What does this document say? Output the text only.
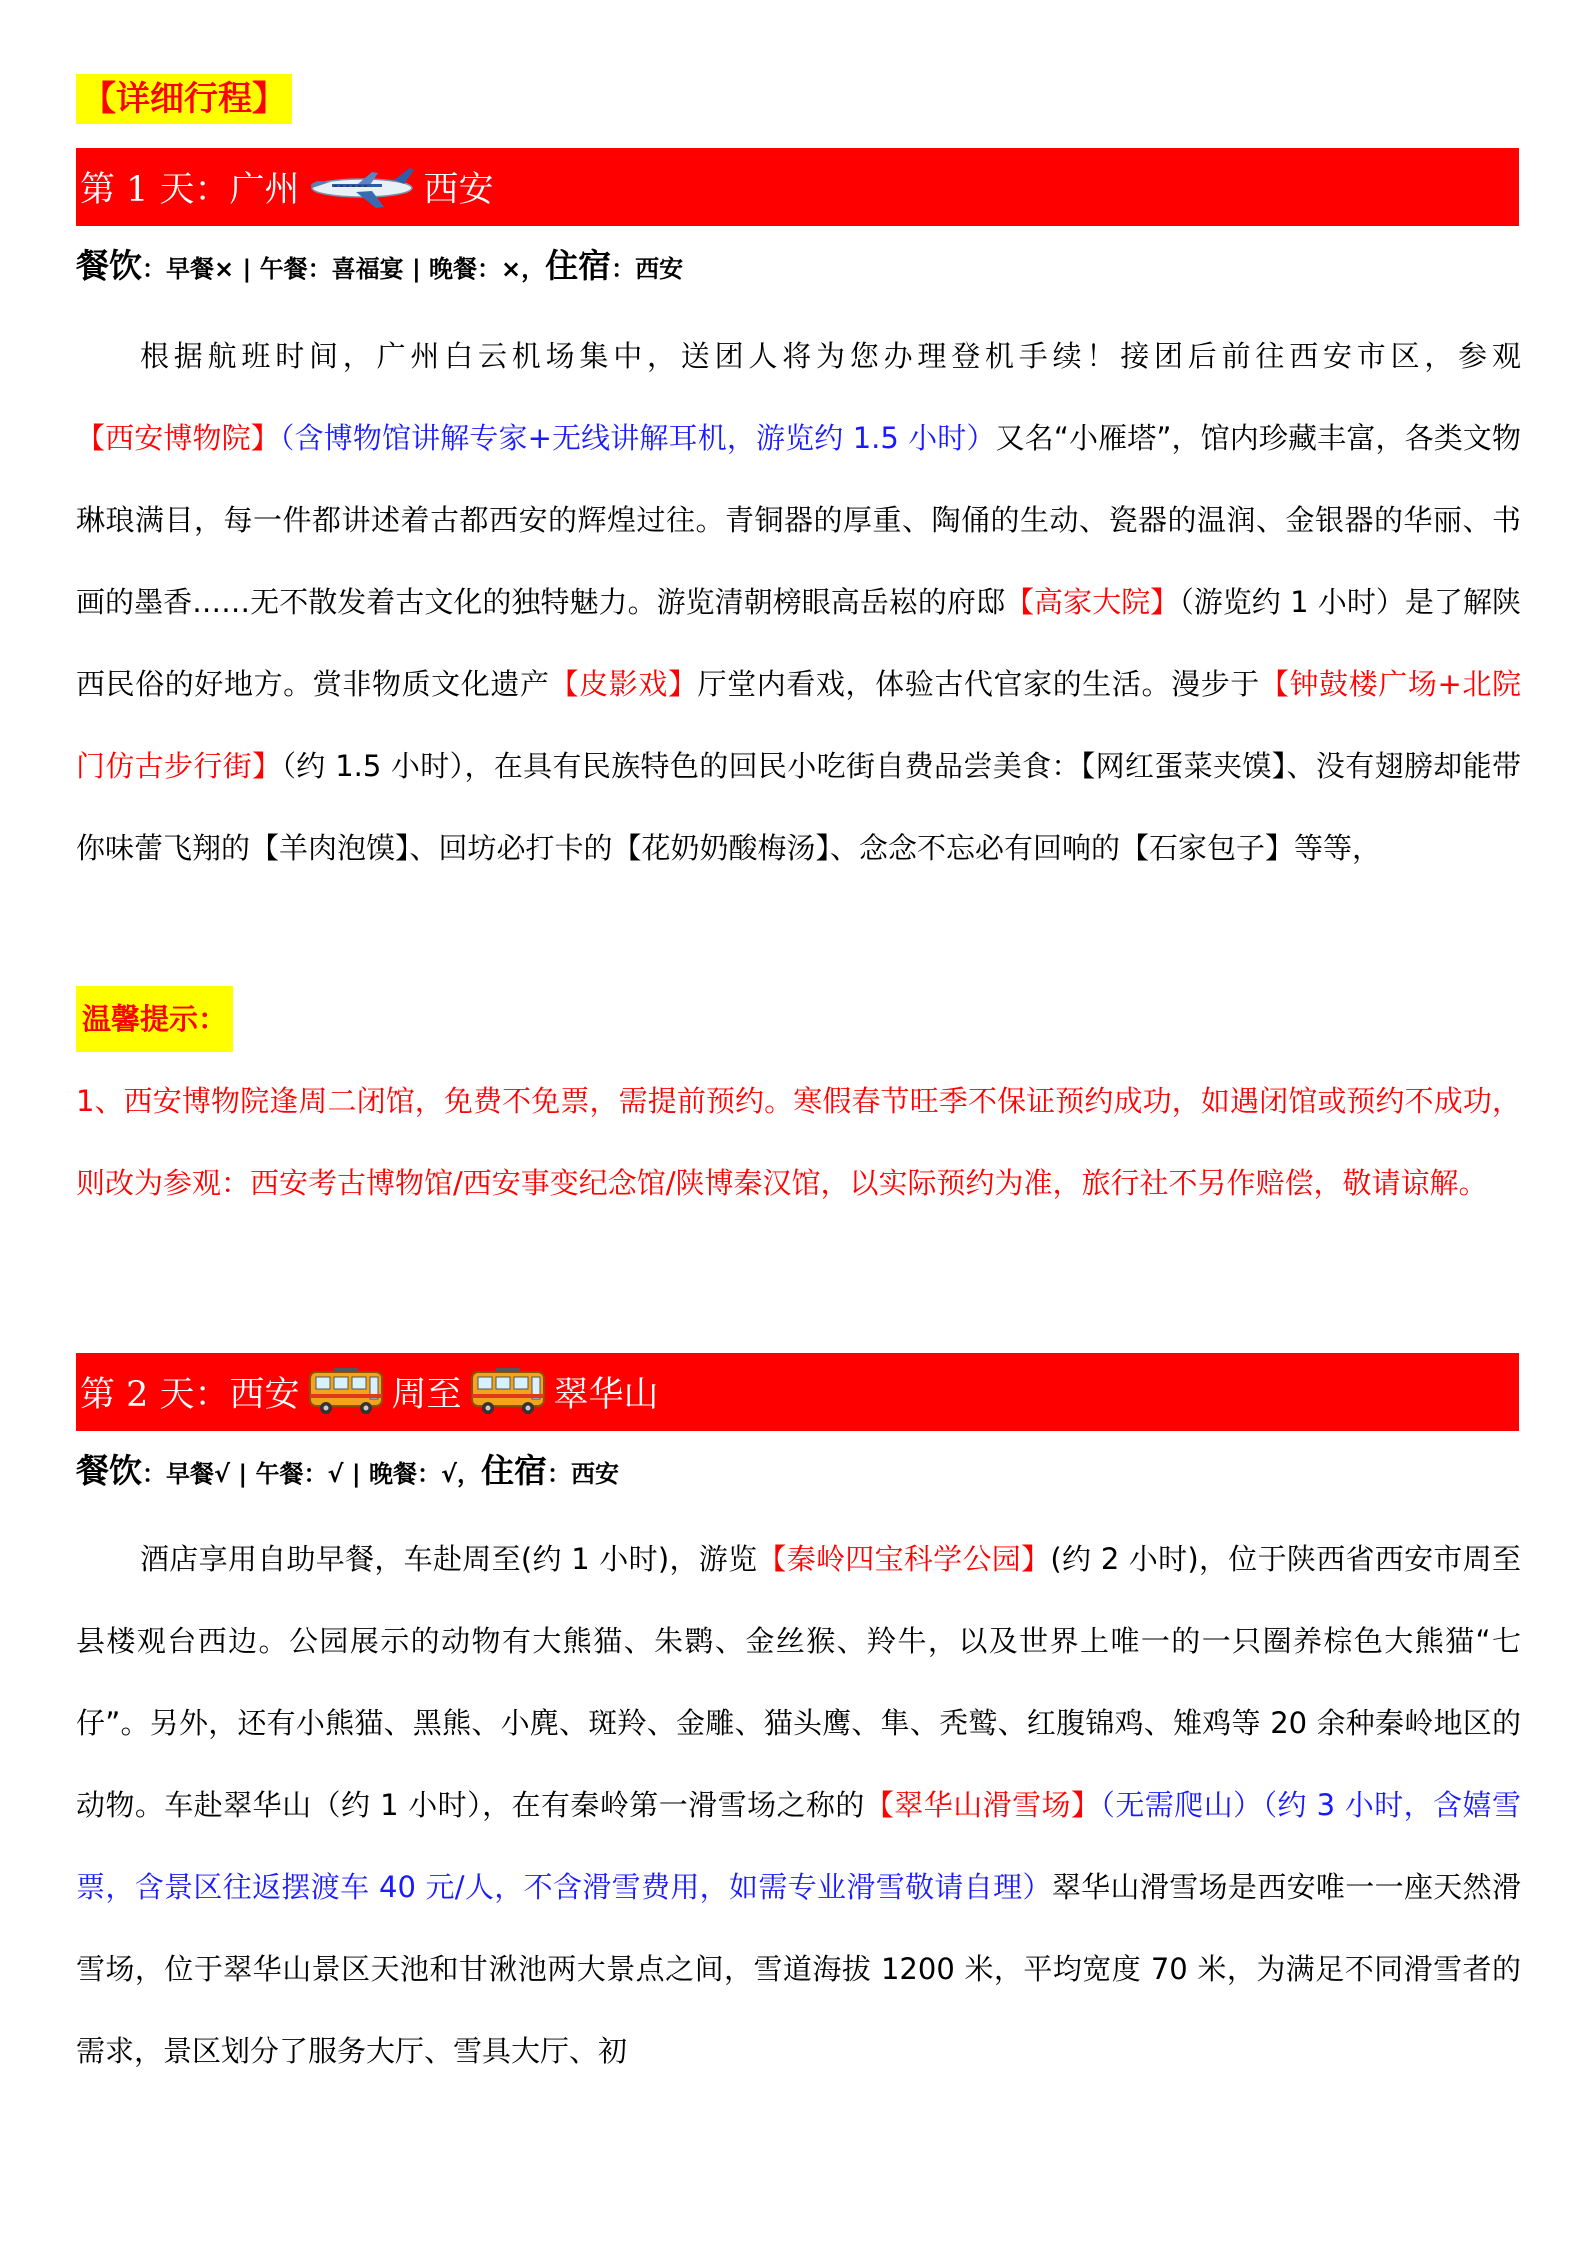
【详细行程】
第 1 天：广州	西安
餐饮：早餐× | 午餐：喜福宴 | 晚餐：×，住宿：西安
根据航班时间，广州白云机场集中，送团人将为您办理登机手续！接团后前往西安市区，参观【西安博物院】（含博物馆讲解专家+无线讲解耳机，游览约 1.5 小时）又名“小雁塔”，馆内珍藏丰富，各类文物琳琅满目，每一件都讲述着古都西安的辉煌过往。青铜器的厚重、陶俑的生动、瓷器的温润、金银器的华丽、书画的墨香……无不散发着古文化的独特魅力。游览清朝榜眼高岳崧的府邸【高家大院】（游览约 1 小时）是了解陕西民俗的好地方。赏非物质文化遗产【皮影戏】厅堂内看戏，体验古代官家的生活。漫步于【钟鼓楼广场+北院门仿古步行街】（约 1.5 小时），在具有民族特色的回民小吃街自费品尝美食：【网红蛋菜夹馍】、没有翅膀却能带你味蕾飞翔的【羊肉泡馍】、回坊必打卡的【花奶奶酸梅汤】、念念不忘必有回响的【石家包子】等等，
温馨提示：
1、西安博物院逢周二闭馆，免费不免票，需提前预约。寒假春节旺季不保证预约成功，如遇闭馆或预约不成功，则改为参观：西安考古博物馆/西安事变纪念馆/陕博秦汉馆，以实际预约为准，旅行社不另作赔偿，敬请谅解。
第 2 天：西安	周至	翠华山
餐饮：早餐√ | 午餐：√ | 晚餐：√，住宿：西安
酒店享用自助早餐，车赴周至(约 1 小时)，游览【秦岭四宝科学公园】(约 2 小时)，位于陕西省西安市周至县楼观台西边。公园展示的动物有大熊猫、朱鹮、金丝猴、羚牛，以及世界上唯一的一只圈养棕色大熊猫“七仔”。另外，还有小熊猫、黑熊、小麂、斑羚、金雕、猫头鹰、隼、秃鹫、红腹锦鸡、雉鸡等 20 余种秦岭地区的动物。车赴翠华山（约 1 小时），在有秦岭第一滑雪场之称的【翠华山滑雪场】（无需爬山）（约 3 小时，含嬉雪票，含景区往返摆渡车 40 元/人，不含滑雪费用，如需专业滑雪敬请自理）翠华山滑雪场是西安唯一一座天然滑雪场，位于翠华山景区天池和甘湫池两大景点之间，雪道海拔 1200 米，平均宽度 70 米，为满足不同滑雪者的需求，景区划分了服务大厅、雪具大厅、初
